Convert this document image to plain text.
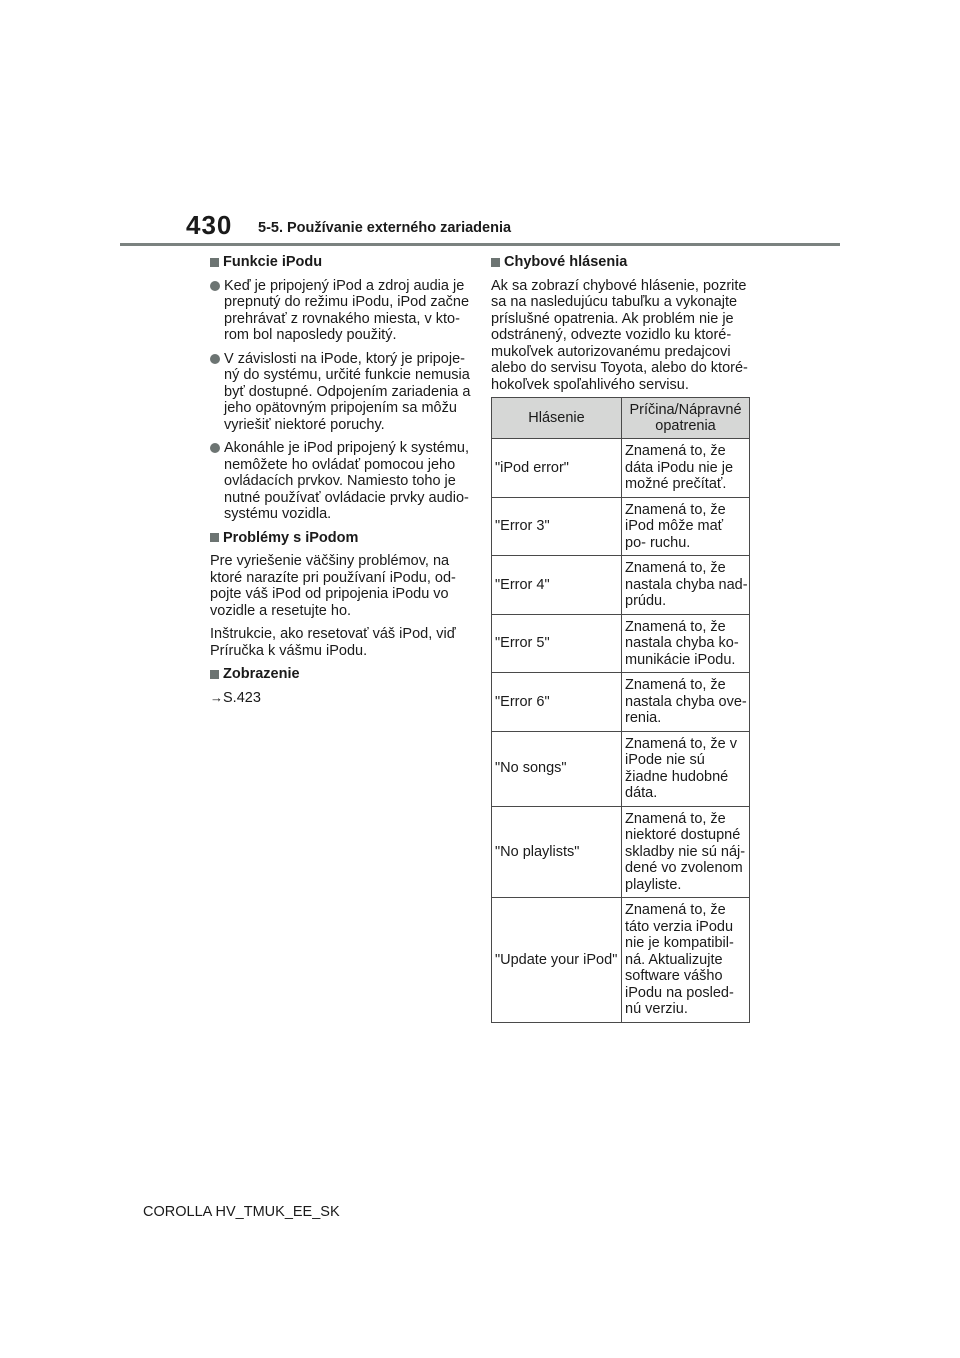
430 5-5. Používanie externého zariadenia
Funkcie iPodu
Keď je pripojený iPod a zdroj audia je prepnutý do režimu iPodu, iPod začne prehrávať z rovnakého miesta, v kto- rom bol naposledy použitý.
V závislosti na iPode, ktorý je pripoje- ný do systému, určité funkcie nemusia byť dostupné. Odpojením zariadenia a jeho opätovným pripojením sa môžu vyriešiť niektoré poruchy.
Akonáhle je iPod pripojený k systému, nemôžete ho ovládať pomocou jeho ovládacích prvkov. Namiesto toho je nutné používať ovládacie prvky audio- systému vozidla.
Problémy s iPodom

Pre vyriešenie väčšiny problémov, na ktoré narazíte pri používaní iPodu, od- pojte váš iPod od pripojenia iPodu vo vozidle a resetujte ho.

Inštrukcie, ako resetovať váš iPod, viď Príručka k vášmu iPodu.

Zobrazenie

→S.423

Chybové hlásenia

Ak sa zobrazí chybové hlásenie, pozrite sa na nasledujúcu tabuľku a vykonajte príslušné opatrenia. Ak problém nie je odstránený, odvezte vozidlo ku ktoré- mukoľvek autorizovanému predajcovi alebo do servisu Toyota, alebo do ktoré- hokoľvek spoľahlivého servisu.

Hlásenie	Príčina/Nápravné opatrenia
"iPod error"	Znamená to, že dáta iPodu nie je možné prečítať.
"Error 3"	Znamená to, že iPod môže mať po- ruchu.
"Error 4"	Znamená to, že nastala chyba nad- prúdu.
"Error 5"	Znamená to, že nastala chyba ko- munikácie iPodu.
"Error 6"	Znamená to, že nastala chyba ove- renia.
"No songs"	Znamená to, že v iPode nie sú žiadne hudobné dáta.
"No playlists"	Znamená to, že niektoré dostupné skladby nie sú náj- dené vo zvolenom playliste.
"Update your iPod"	Znamená to, že táto verzia iPodu nie je kompatibil- ná. Aktualizujte software vášho iPodu na posled- nú verziu.
COROLLA HV_TMUK_EE_SK
